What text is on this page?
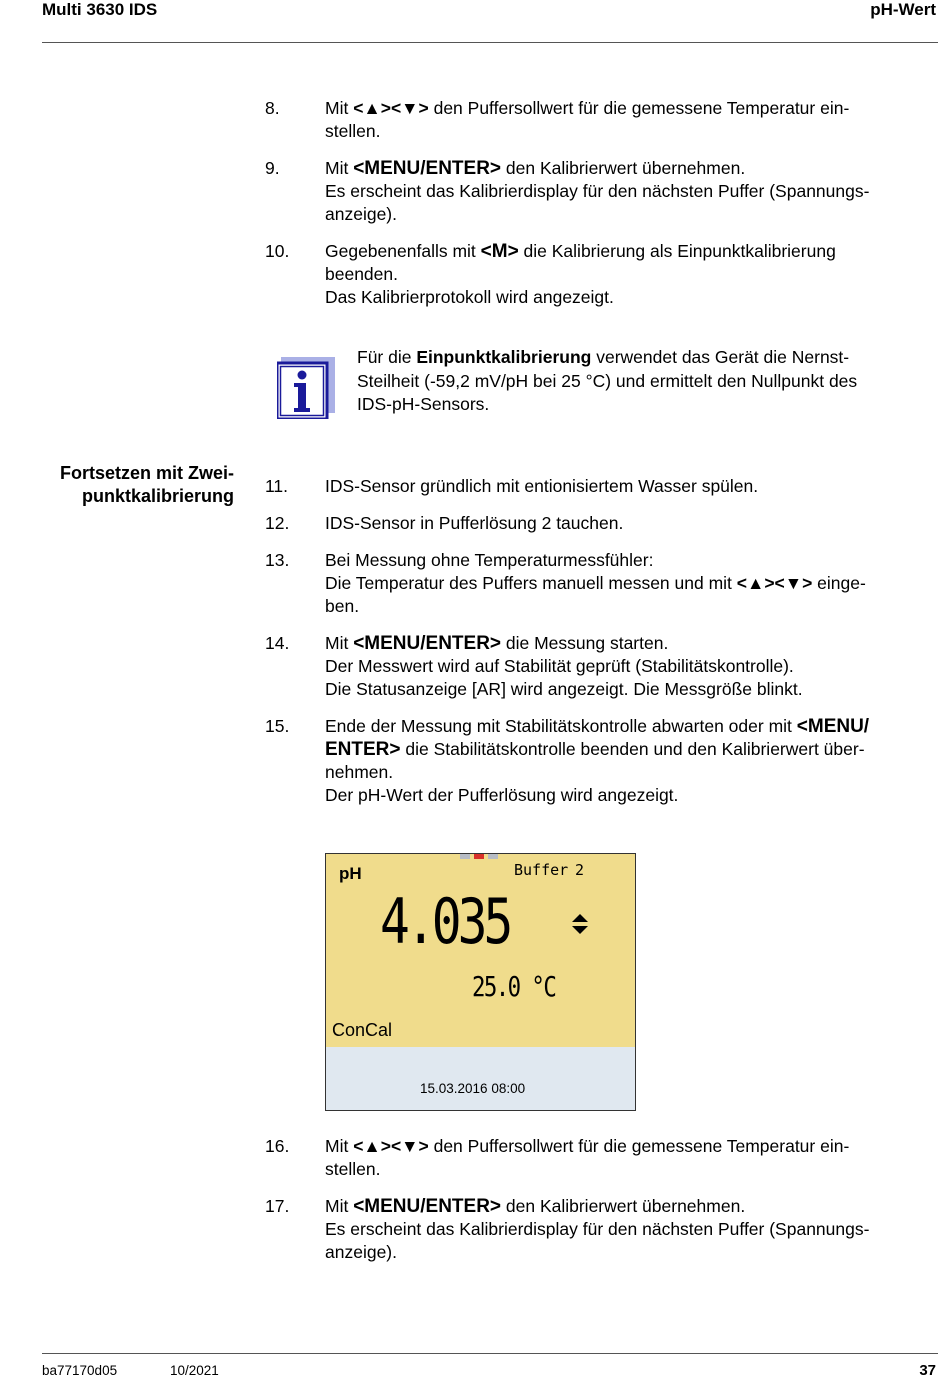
Multi 3630 IDS	pH-Wert
8.	Mit <▲><▼> den Puffersollwert für die gemessene Temperatur ein-
stellen.
9.	Mit <MENU/ENTER> den Kalibrierwert übernehmen.
Es erscheint das Kalibrierdisplay für den nächsten Puffer (Spannungs-
anzeige).
10.	Gegebenenfalls mit <M> die Kalibrierung als Einpunktkalibrierung
beenden.
Das Kalibrierprotokoll wird angezeigt.
Für die Einpunktkalibrierung verwendet das Gerät die Nernst-
Steilheit (-59,2 mV/pH bei 25 °C) und ermittelt den Nullpunkt des
IDS-pH-Sensors.
Fortsetzen mit Zwei-
punktkalibrierung 11.	IDS-Sensor gründlich mit entionisiertem Wasser spülen.
12.	IDS-Sensor in Pufferlösung 2 tauchen.
13.	Bei Messung ohne Temperaturmessfühler:
Die Temperatur des Puffers manuell messen und mit <▲><▼> einge-
ben.
14.	Mit <MENU/ENTER> die Messung starten.
Der Messwert wird auf Stabilität geprüft (Stabilitätskontrolle).
Die Statusanzeige [AR] wird angezeigt. Die Messgröße blinkt.
15.	Ende der Messung mit Stabilitätskontrolle abwarten oder mit <MENU/
ENTER> die Stabilitätskontrolle beenden und den Kalibrierwert über-
nehmen.
Der pH-Wert der Pufferlösung wird angezeigt.
pH	Buffer 2
4.035
25.0 °C
ConCal
15.03.2016 08:00
16.	Mit <▲><▼> den Puffersollwert für die gemessene Temperatur ein-
stellen.
17.	Mit <MENU/ENTER> den Kalibrierwert übernehmen.
Es erscheint das Kalibrierdisplay für den nächsten Puffer (Spannungs-
anzeige).
ba77170d05	10/2021	37
